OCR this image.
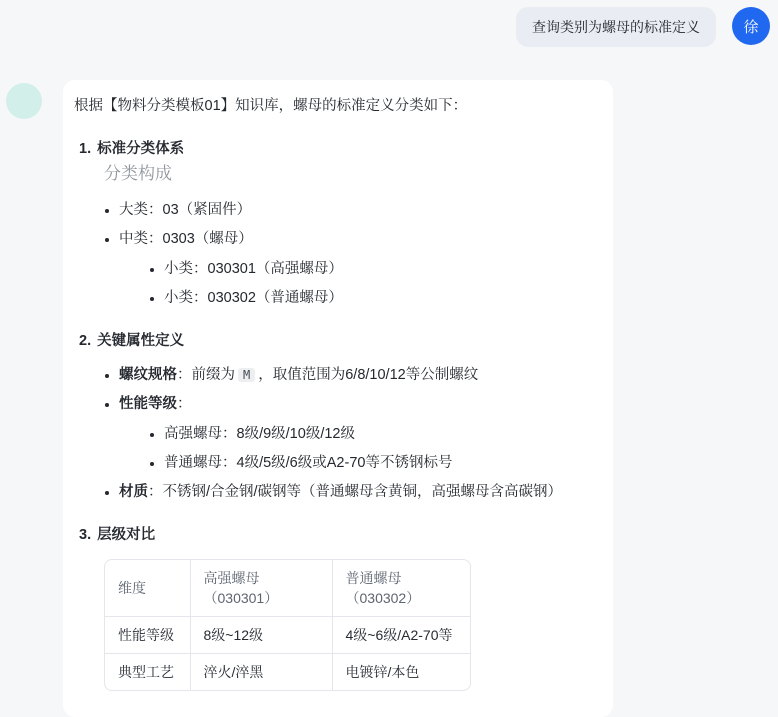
查询类别为螺母的标准定义	徐

根据【物料分类模板01】知识库，螺母的标准定义分类如下：

1. 标准分类体系
分类构成
• 大类：03（紧固件）
• 中类：0303（螺母）
• 小类：030301（高强螺母）
• 小类：030302（普通螺母）
2. 关键属性定义
• 螺纹规格：前缀为 M ，取值范围为6/8/10/12等公制螺纹
• 性能等级：
• 高强螺母：8级/9级/10级/12级
• 普通螺母：4级/5级/6级或A2-70等不锈钢标号
• 材质：不锈钢/合金钢/碳钢等（普通螺母含黄铜，高强螺母含高碳钢）
3. 层级对比
维度	高强螺母（030301）	普通螺母（030302）
性能等级	8级~12级	4级~6级/A2-70等
典型工艺	淬火/淬黑	电镀锌/本色
